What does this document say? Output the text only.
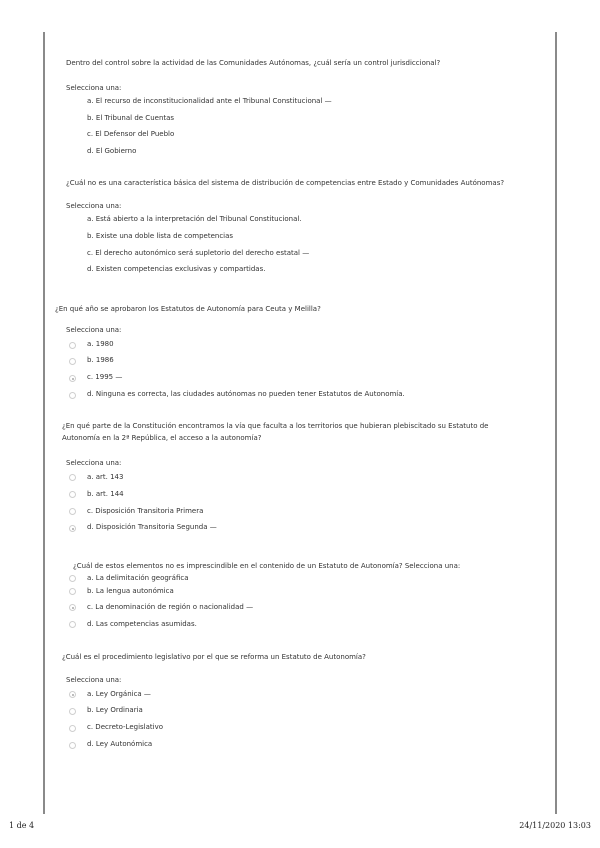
Dentro del control sobre la actividad de las Comunidades Autónomas, ¿cuál sería un control jurisdiccional?
Selecciona una:
a. El recurso de inconstitucionalidad ante el Tribunal Constitucional —
b. El Tribunal de Cuentas
c. El Defensor del Pueblo
d. El Gobierno
¿Cuál no es una característica básica del sistema de distribución de competencias entre Estado y Comunidades Autónomas?
Selecciona una:
a. Está abierto a la interpretación del Tribunal Constitucional.
b. Existe una doble lista de competencias
c. El derecho autonómico será supletorio del derecho estatal —
d. Existen competencias exclusivas y compartidas.
¿En qué año se aprobaron los Estatutos de Autonomía para Ceuta y Melilla?
Selecciona una:
a. 1980
b. 1986
c. 1995 —
d. Ninguna es correcta, las ciudades autónomas no pueden tener Estatutos de Autonomía.
¿En qué parte de la Constitución encontramos la vía que faculta a los territorios que hubieran plebiscitado su Estatuto de
Autonomía en la 2ª República, el acceso a la autonomía?
Selecciona una:
a. art. 143
b. art. 144
c. Disposición Transitoria Primera
d. Disposición Transitoria Segunda —
¿Cuál de estos elementos no es imprescindible en el contenido de un Estatuto de Autonomía? Selecciona una:
a. La delimitación geográfica
b. La lengua autonómica
c. La denominación de región o nacionalidad —
d. Las competencias asumidas.
¿Cuál es el procedimiento legislativo por el que se reforma un Estatuto de Autonomía?
Selecciona una:
a. Ley Orgánica —
b. Ley Ordinaria
c. Decreto-Legislativo
d. Ley Autonómica
1 de 4	24/11/2020 13:03
